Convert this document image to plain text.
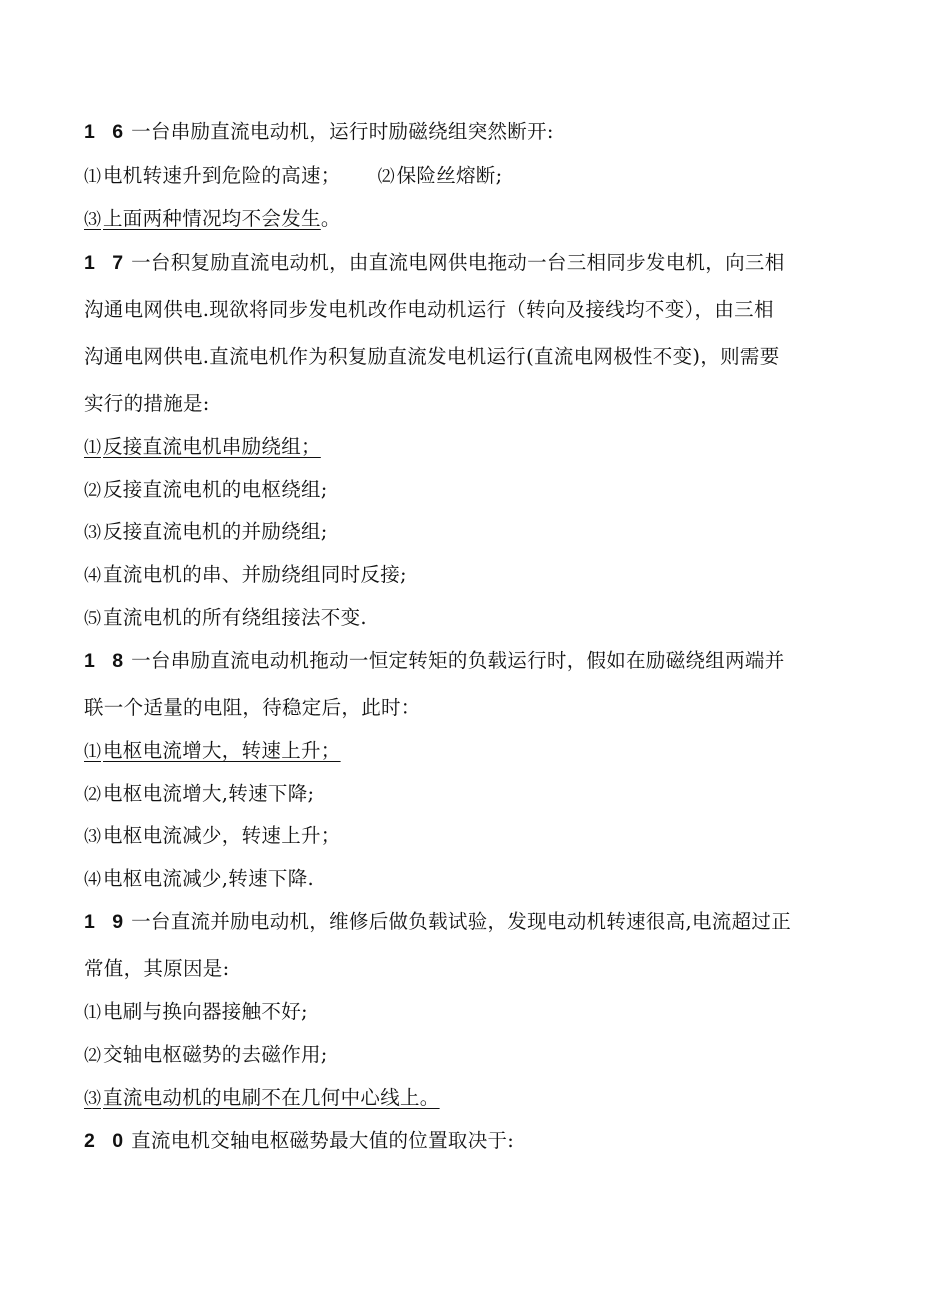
1 6 一台串励直流电动机，运行时励磁绕组突然断开:
⑴ 电机转速升到危险的高速； ⑵ 保险丝熔断;
⑶ 上面两种情况均不会发生。
1 7 一台积复励直流电动机，由直流电网供电拖动一台三相同步发电机，向三相
沟通电网供电.现欲将同步发电机改作电动机运行（转向及接线均不变），由三相
沟通电网供电.直流电机作为积复励直流发电机运行(直流电网极性不变)，则需要
实行的措施是:
⑴ 反接直流电机串励绕组；
⑵ 反接直流电机的电枢绕组;
⑶ 反接直流电机的并励绕组;
⑷ 直流电机的串、并励绕组同时反接;
⑸ 直流电机的所有绕组接法不变.
1 8 一台串励直流电动机拖动一恒定转矩的负载运行时，假如在励磁绕组两端并
联一个适量的电阻，待稳定后，此时：
⑴ 电枢电流增大，转速上升；
⑵ 电枢电流增大,转速下降;
⑶ 电枢电流减少，转速上升；
⑷ 电枢电流减少,转速下降.
1 9 一台直流并励电动机，维修后做负载试验，发现电动机转速很高,电流超过正
常值，其原因是:
⑴ 电刷与换向器接触不好;
⑵ 交轴电枢磁势的去磁作用;
⑶ 直流电动机的电刷不在几何中心线上。
2 0 直流电机交轴电枢磁势最大值的位置取决于:
